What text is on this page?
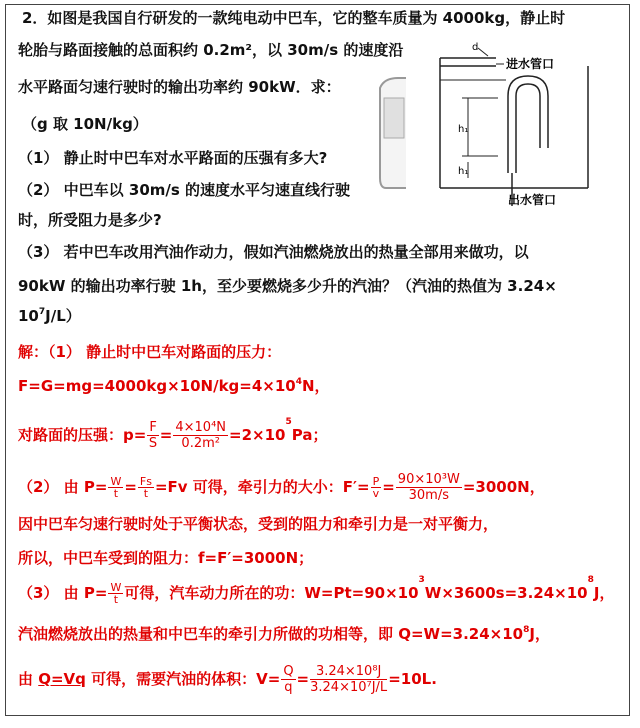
2．如图是我国自行研发的一款纯电动中巴车，它的整车质量为 4000kg，静止时
轮胎与路面接触的总面积约 0.2m²，以 30m/s 的速度沿
水平路面匀速行驶时的输出功率约 90kW．求：
（g 取 10N/kg）
（1） 静止时中巴车对水平路面的压强有多大?
（2） 中巴车以 30m/s 的速度水平匀速直线行驶
时，所受阻力是多少?
（3） 若中巴车改用汽油作动力，假如汽油燃烧放出的热量全部用来做功，以
90kW 的输出功率行驶 1h，至少要燃烧多少升的汽油？（汽油的热值为 3.24×
$10^7J/L$）
d
进水管口
h₁
h₁
出水管口
解：（1） 静止时中巴车对路面的压力：
$F=G=mg=4000kg\times 10N/kg=4\times 10^4N$，
对路面的压强：$p= \frac{F}{S} = \frac{\text{4×10⁴N}}{\text{0.2m²}} =2\times 10^5Pa$；
（2） 由 $P= \frac{W}{t} = \frac{Fs}{t} =Fv$ 可得，牵引力的大小：$F'= \frac{P}{v} = \frac{\text{90×10³W}}{30m/s} =3000N$，
因中巴车匀速行驶时处于平衡状态，受到的阻力和牵引力是一对平衡力，
所以，中巴车受到的阻力：f=F′=3000N；
（3） 由 $P= \frac{W}{t}$ 可得，汽车动力所在的功：$W=Pt=90\times 10^3W\times 3600s=3.24\times 10^8J$，
汽油燃烧放出的热量和中巴车的牵引力所做的功相等，即 $Q=W=3.24\times 10^8J$，
由 Q=Vq 可得，需要汽油的体积：$V= \frac{Q}{q} = \frac{\text{3.24×10⁸J}}{\text{3.24×10⁷J/L}} =10L$.
